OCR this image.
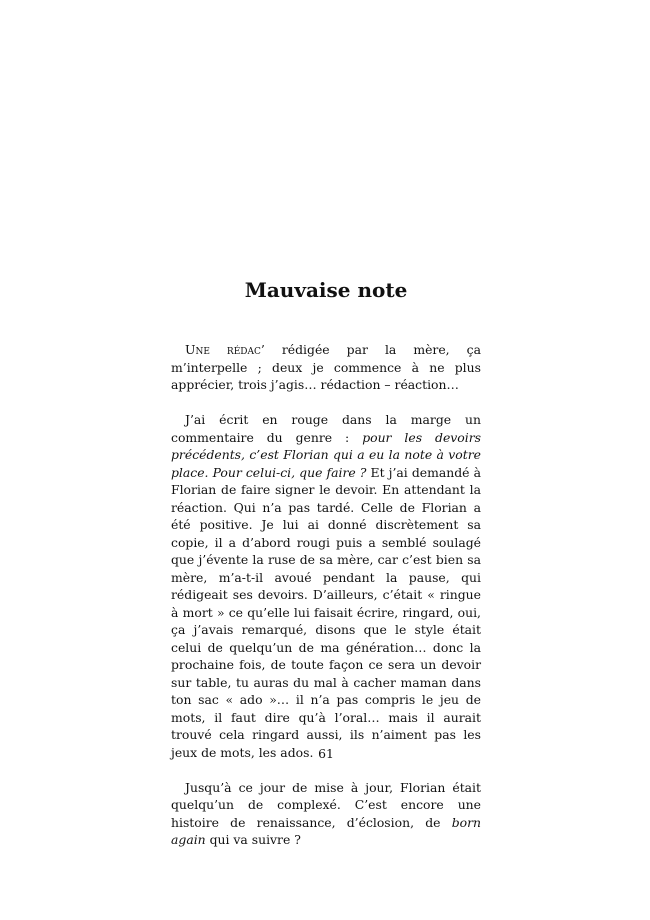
Mauvaise note

Une rédac’ rédigée par la mère, ça m’interpelle ; deux je commence à ne plus apprécier, trois j’agis… rédaction – réaction…

J’ai écrit en rouge dans la marge un commentaire du genre : pour les devoirs précédents, c’est Florian qui a eu la note à votre place. Pour celui-ci, que faire ? Et j’ai demandé à Florian de faire signer le devoir. En attendant la réaction. Qui n’a pas tardé. Celle de Florian a été positive. Je lui ai donné discrètement sa copie, il a d’abord rougi puis a semblé soulagé que j’évente la ruse de sa mère, car c’est bien sa mère, m’a-t-il avoué pendant la pause, qui rédigeait ses devoirs. D’ailleurs, c’était « ringue à mort » ce qu’elle lui faisait écrire, ringard, oui, ça j’avais remarqué, disons que le style était celui de quelqu’un de ma génération… donc la prochaine fois, de toute façon ce sera un devoir sur table, tu auras du mal à cacher maman dans ton sac « ado »… il n’a pas compris le jeu de mots, il faut dire qu’à l’oral… mais il aurait trouvé cela ringard aussi, ils n’aiment pas les jeux de mots, les ados.

Jusqu’à ce jour de mise à jour, Florian était quelqu’un de complexé. C’est encore une histoire de renaissance, d’éclosion, de born again qui va suivre ?

61
